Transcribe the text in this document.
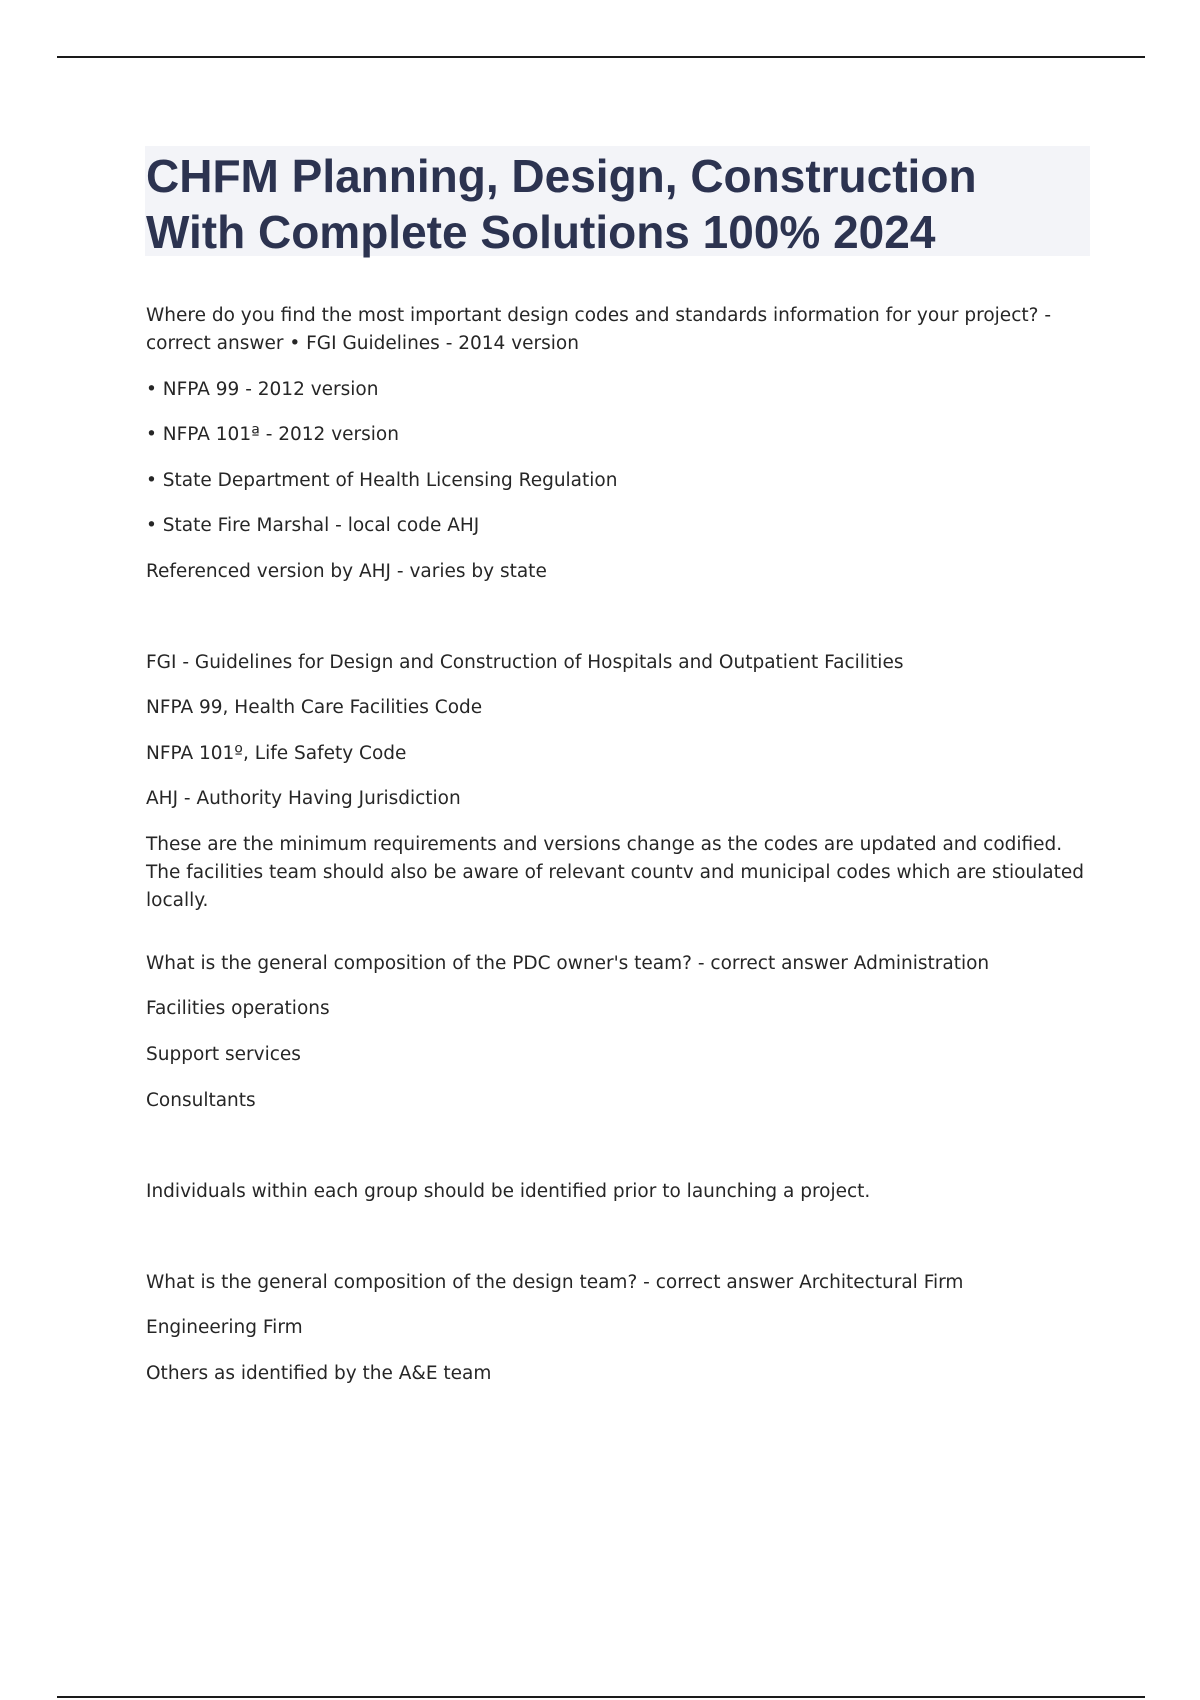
CHFM Planning, Design, Construction With Complete Solutions 100% 2024
Where do you find the most important design codes and standards information for your project? - correct answer • FGI Guidelines - 2014 version
• NFPA 99 - 2012 version
• NFPA 101ª - 2012 version
• State Department of Health Licensing Regulation
• State Fire Marshal - local code AHJ
Referenced version by AHJ - varies by state
FGI - Guidelines for Design and Construction of Hospitals and Outpatient Facilities
NFPA 99, Health Care Facilities Code
NFPA 101º, Life Safety Code
AHJ - Authority Having Jurisdiction
These are the minimum requirements and versions change as the codes are updated and codified. The facilities team should also be aware of relevant countv and municipal codes which are stioulated locally.
What is the general composition of the PDC owner's team? - correct answer Administration
Facilities operations
Support services
Consultants
Individuals within each group should be identified prior to launching a project.
What is the general composition of the design team? - correct answer Architectural Firm
Engineering Firm
Others as identified by the A&E team
